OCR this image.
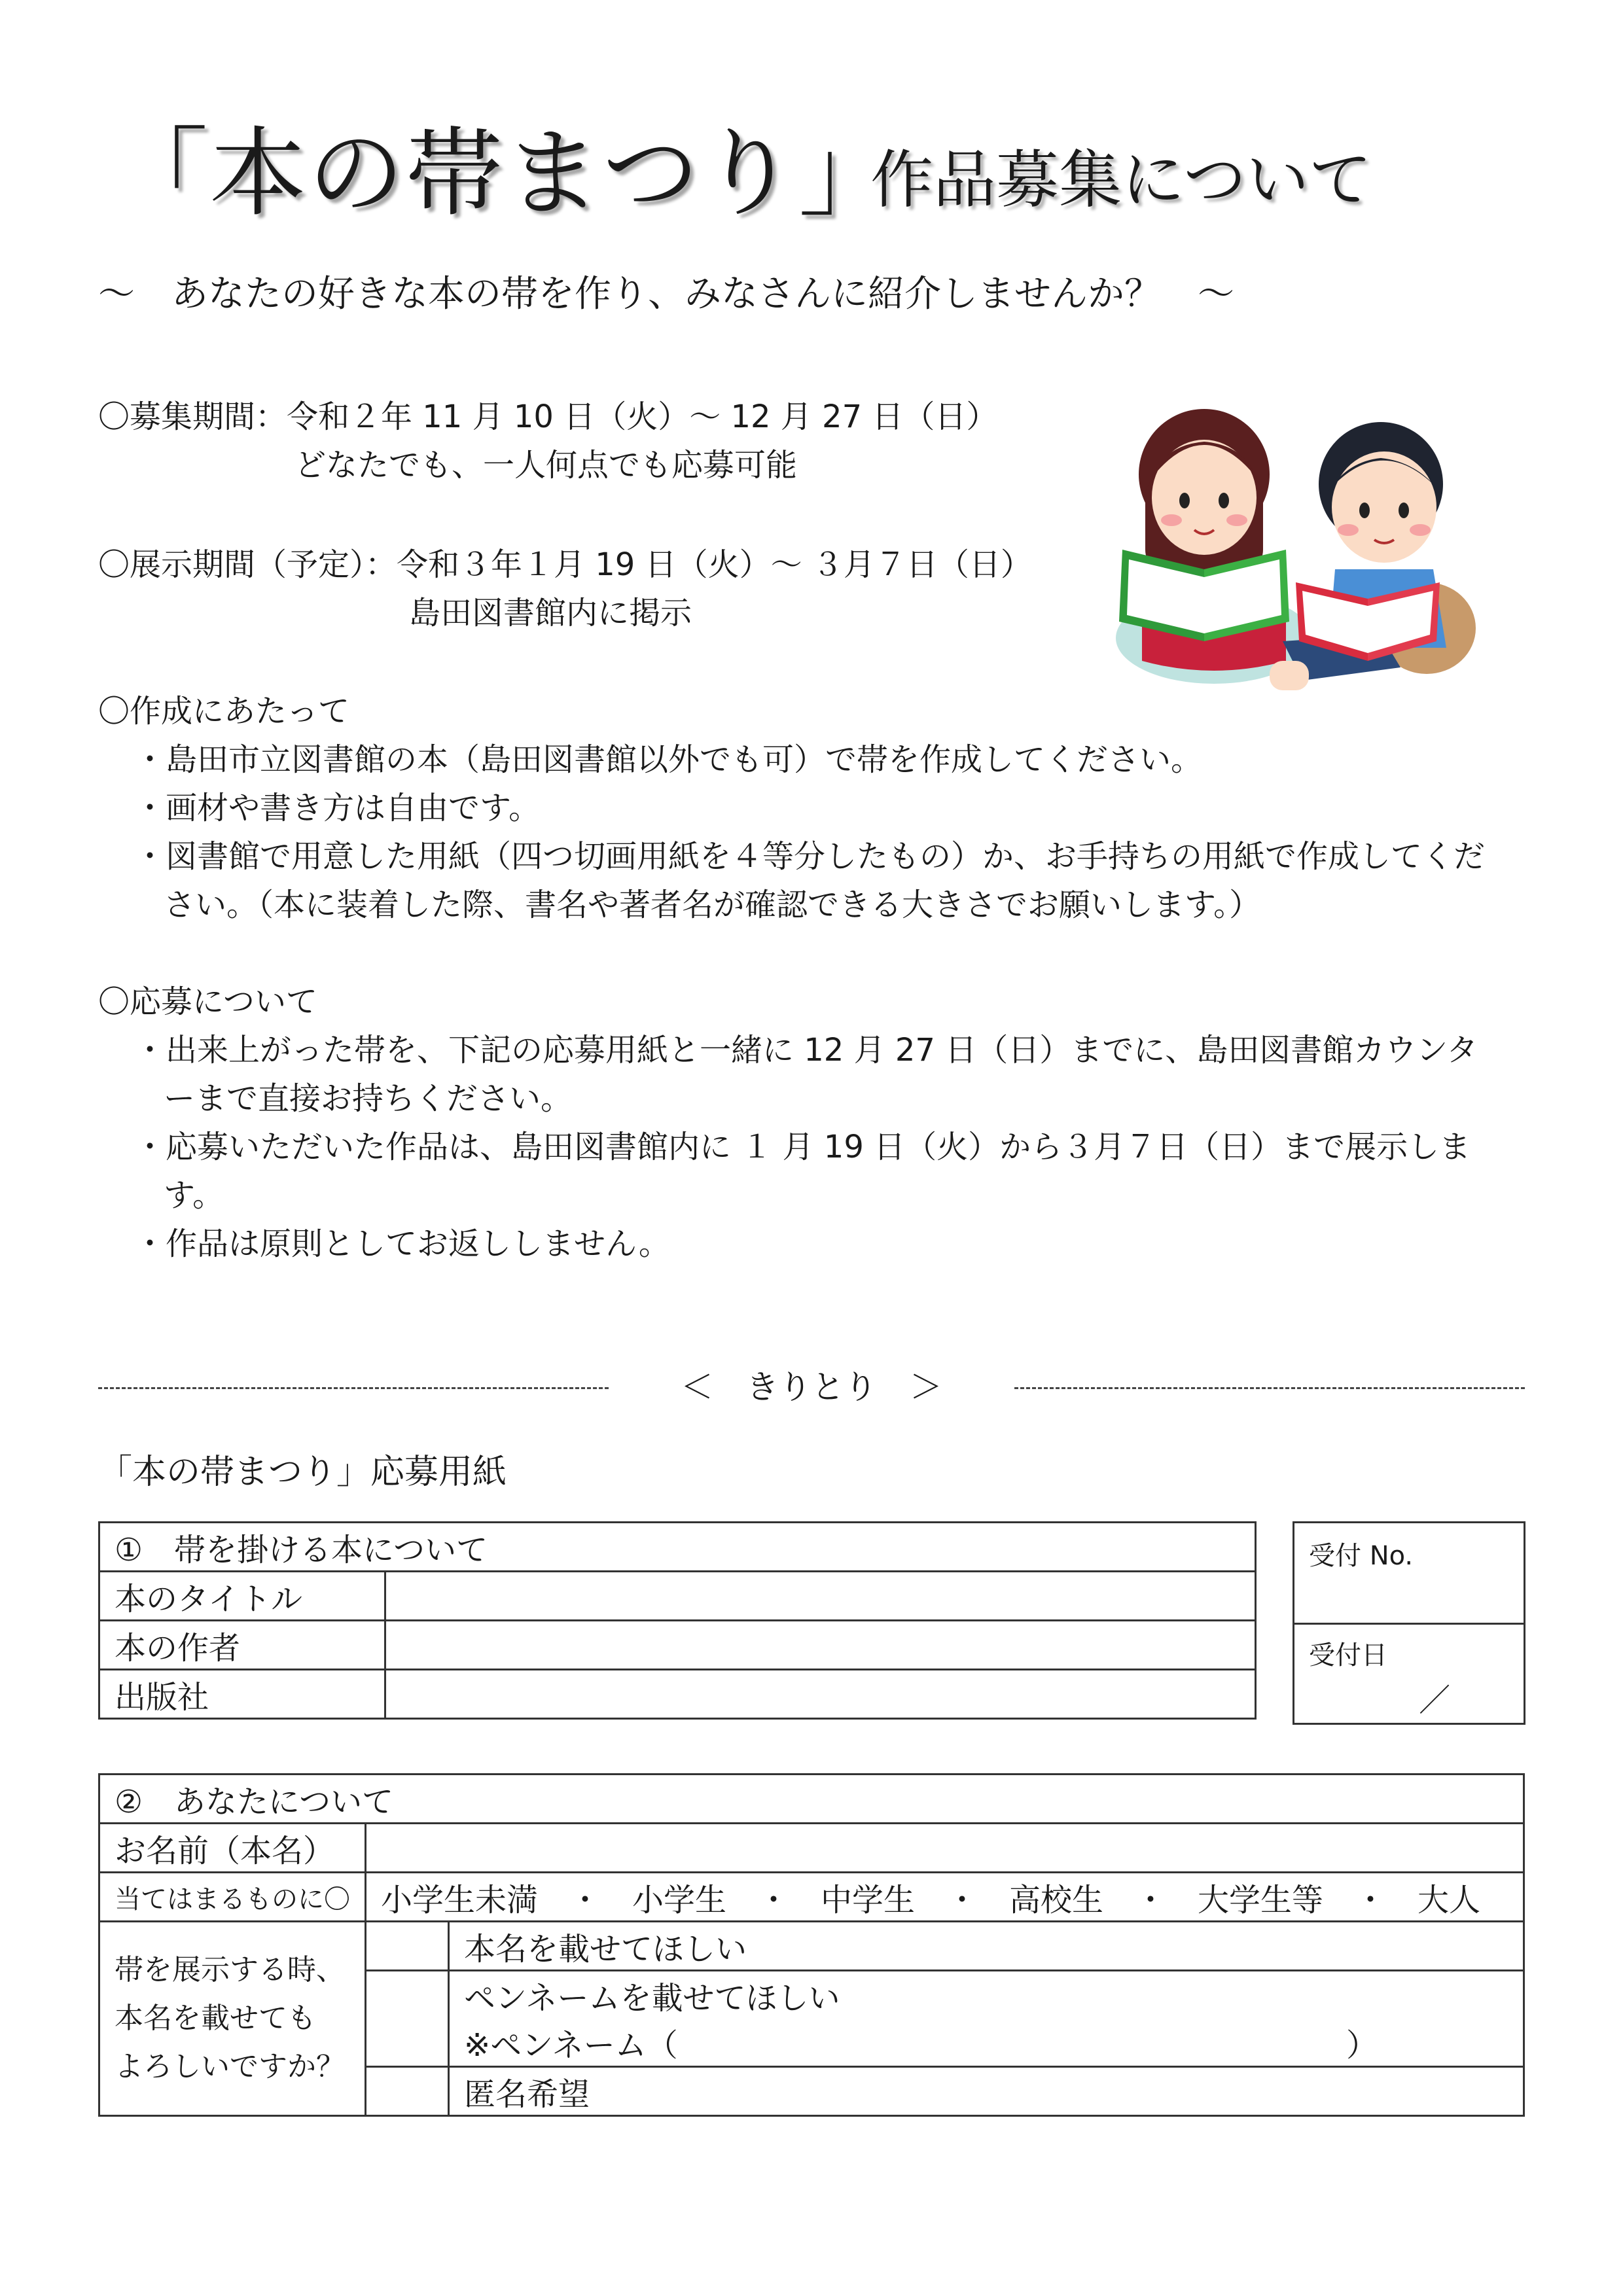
「本の帯まつり」
作品募集について
～　あなたの好きな本の帯を作り、みなさんに紹介しませんか？　～
〇募集期間：令和２年 11 月 10 日（火）～ 12 月 27 日（日）
どなたでも、一人何点でも応募可能
〇展示期間（予定）：令和３年１月 19 日（火）～ ３月７日（日）
島田図書館内に掲示
〇作成にあたって
・島田市立図書館の本（島田図書館以外でも可）で帯を作成してください。
・画材や書き方は自由です。
・図書館で用意した用紙（四つ切画用紙を４等分したもの）か、お手持ちの用紙で作成してくだ
さい。（本に装着した際、書名や著者名が確認できる大きさでお願いします。）
〇応募について
・出来上がった帯を、下記の応募用紙と一緒に 12 月 27 日（日）までに、島田図書館カウンタ
ーまで直接お持ちください。
・応募いただいた作品は、島田図書館内に １ 月 19 日（火）から３月７日（日）まで展示しま
す。
・作品は原則としてお返ししません。
＜　きりとり　＞
「本の帯まつり」応募用紙
①　帯を掛ける本について	
本のタイトル	
本の作者	
出版社	
受付 No.
受付日
／
②　あなたについて		
お名前（本名）		
当てはまるものに〇	小学生未満　・　小学生　・　中学生　・　高校生　・　大学生等　・　大人	

帯を展示する時、
本名を載せても
よろしいですか？		本名を載せてほしい
		ペンネームを載せてほしい
		※ペンネーム（ ）

		匿名希望
